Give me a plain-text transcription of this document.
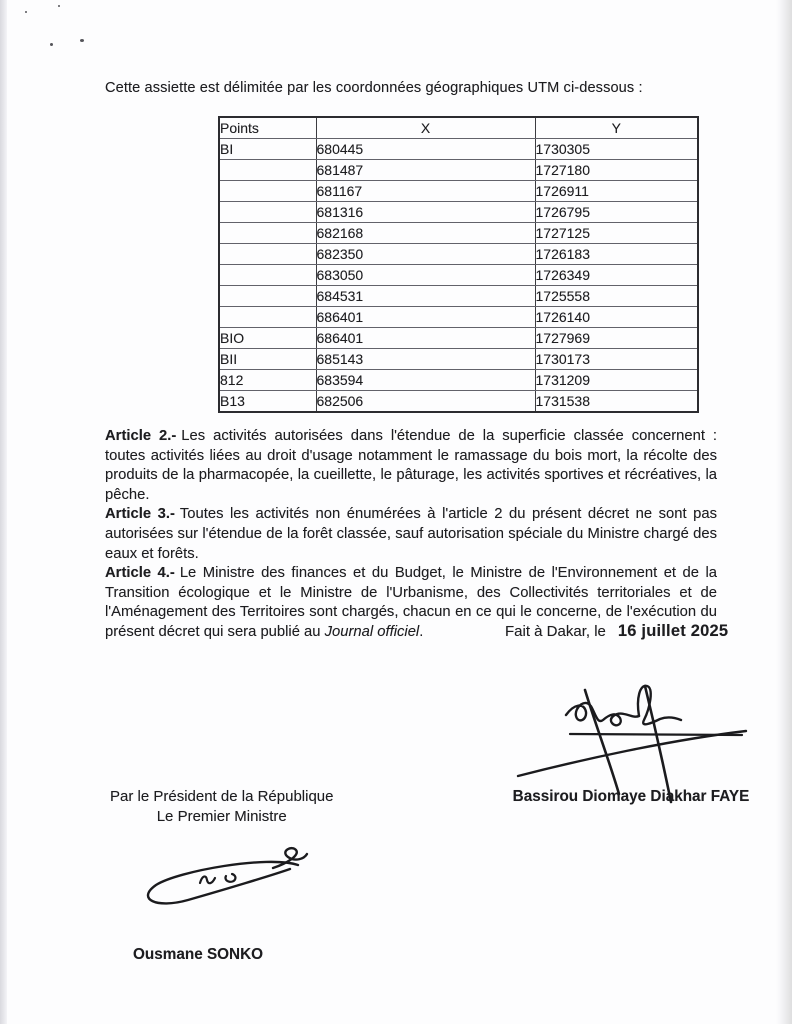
Cette assiette est délimitée par les coordonnées géographiques UTM ci-dessous :
Points	X	Y
BI	680445	1730305
	681487	1727180
	681167	1726911
	681316	1726795
	682168	1727125
	682350	1726183
	683050	1726349
	684531	1725558
	686401	1726140
BIO	686401	1727969
BII	685143	1730173
812	683594	1731209
B13	682506	1731538

Article 2.- Les activités autorisées dans l'étendue de la superficie classée concernent : toutes activités liées au droit d'usage notamment le ramassage du bois mort, la récolte des produits de la pharmacopée, la cueillette, le pâturage, les activités sportives et récréatives, la pêche.

Article 3.- Toutes les activités non énumérées à l'article 2 du présent décret ne sont pas autorisées sur l'étendue de la forêt classée, sauf autorisation spéciale du Ministre chargé des eaux et forêts.

Article 4.- Le Ministre des finances et du Budget, le Ministre de l'Environnement et de la Transition écologique et le Ministre de l'Urbanisme, des Collectivités territoriales et de l'Aménagement des Territoires sont chargés, chacun en ce qui le concerne, de l'exécution du présent décret qui sera publié au Journal officiel.	Fait à Dakar, le 16 juillet 2025
Bassirou Diomaye Diakhar FAYE
Par le Président de la République
Le Premier Ministre
Ousmane SONKO
